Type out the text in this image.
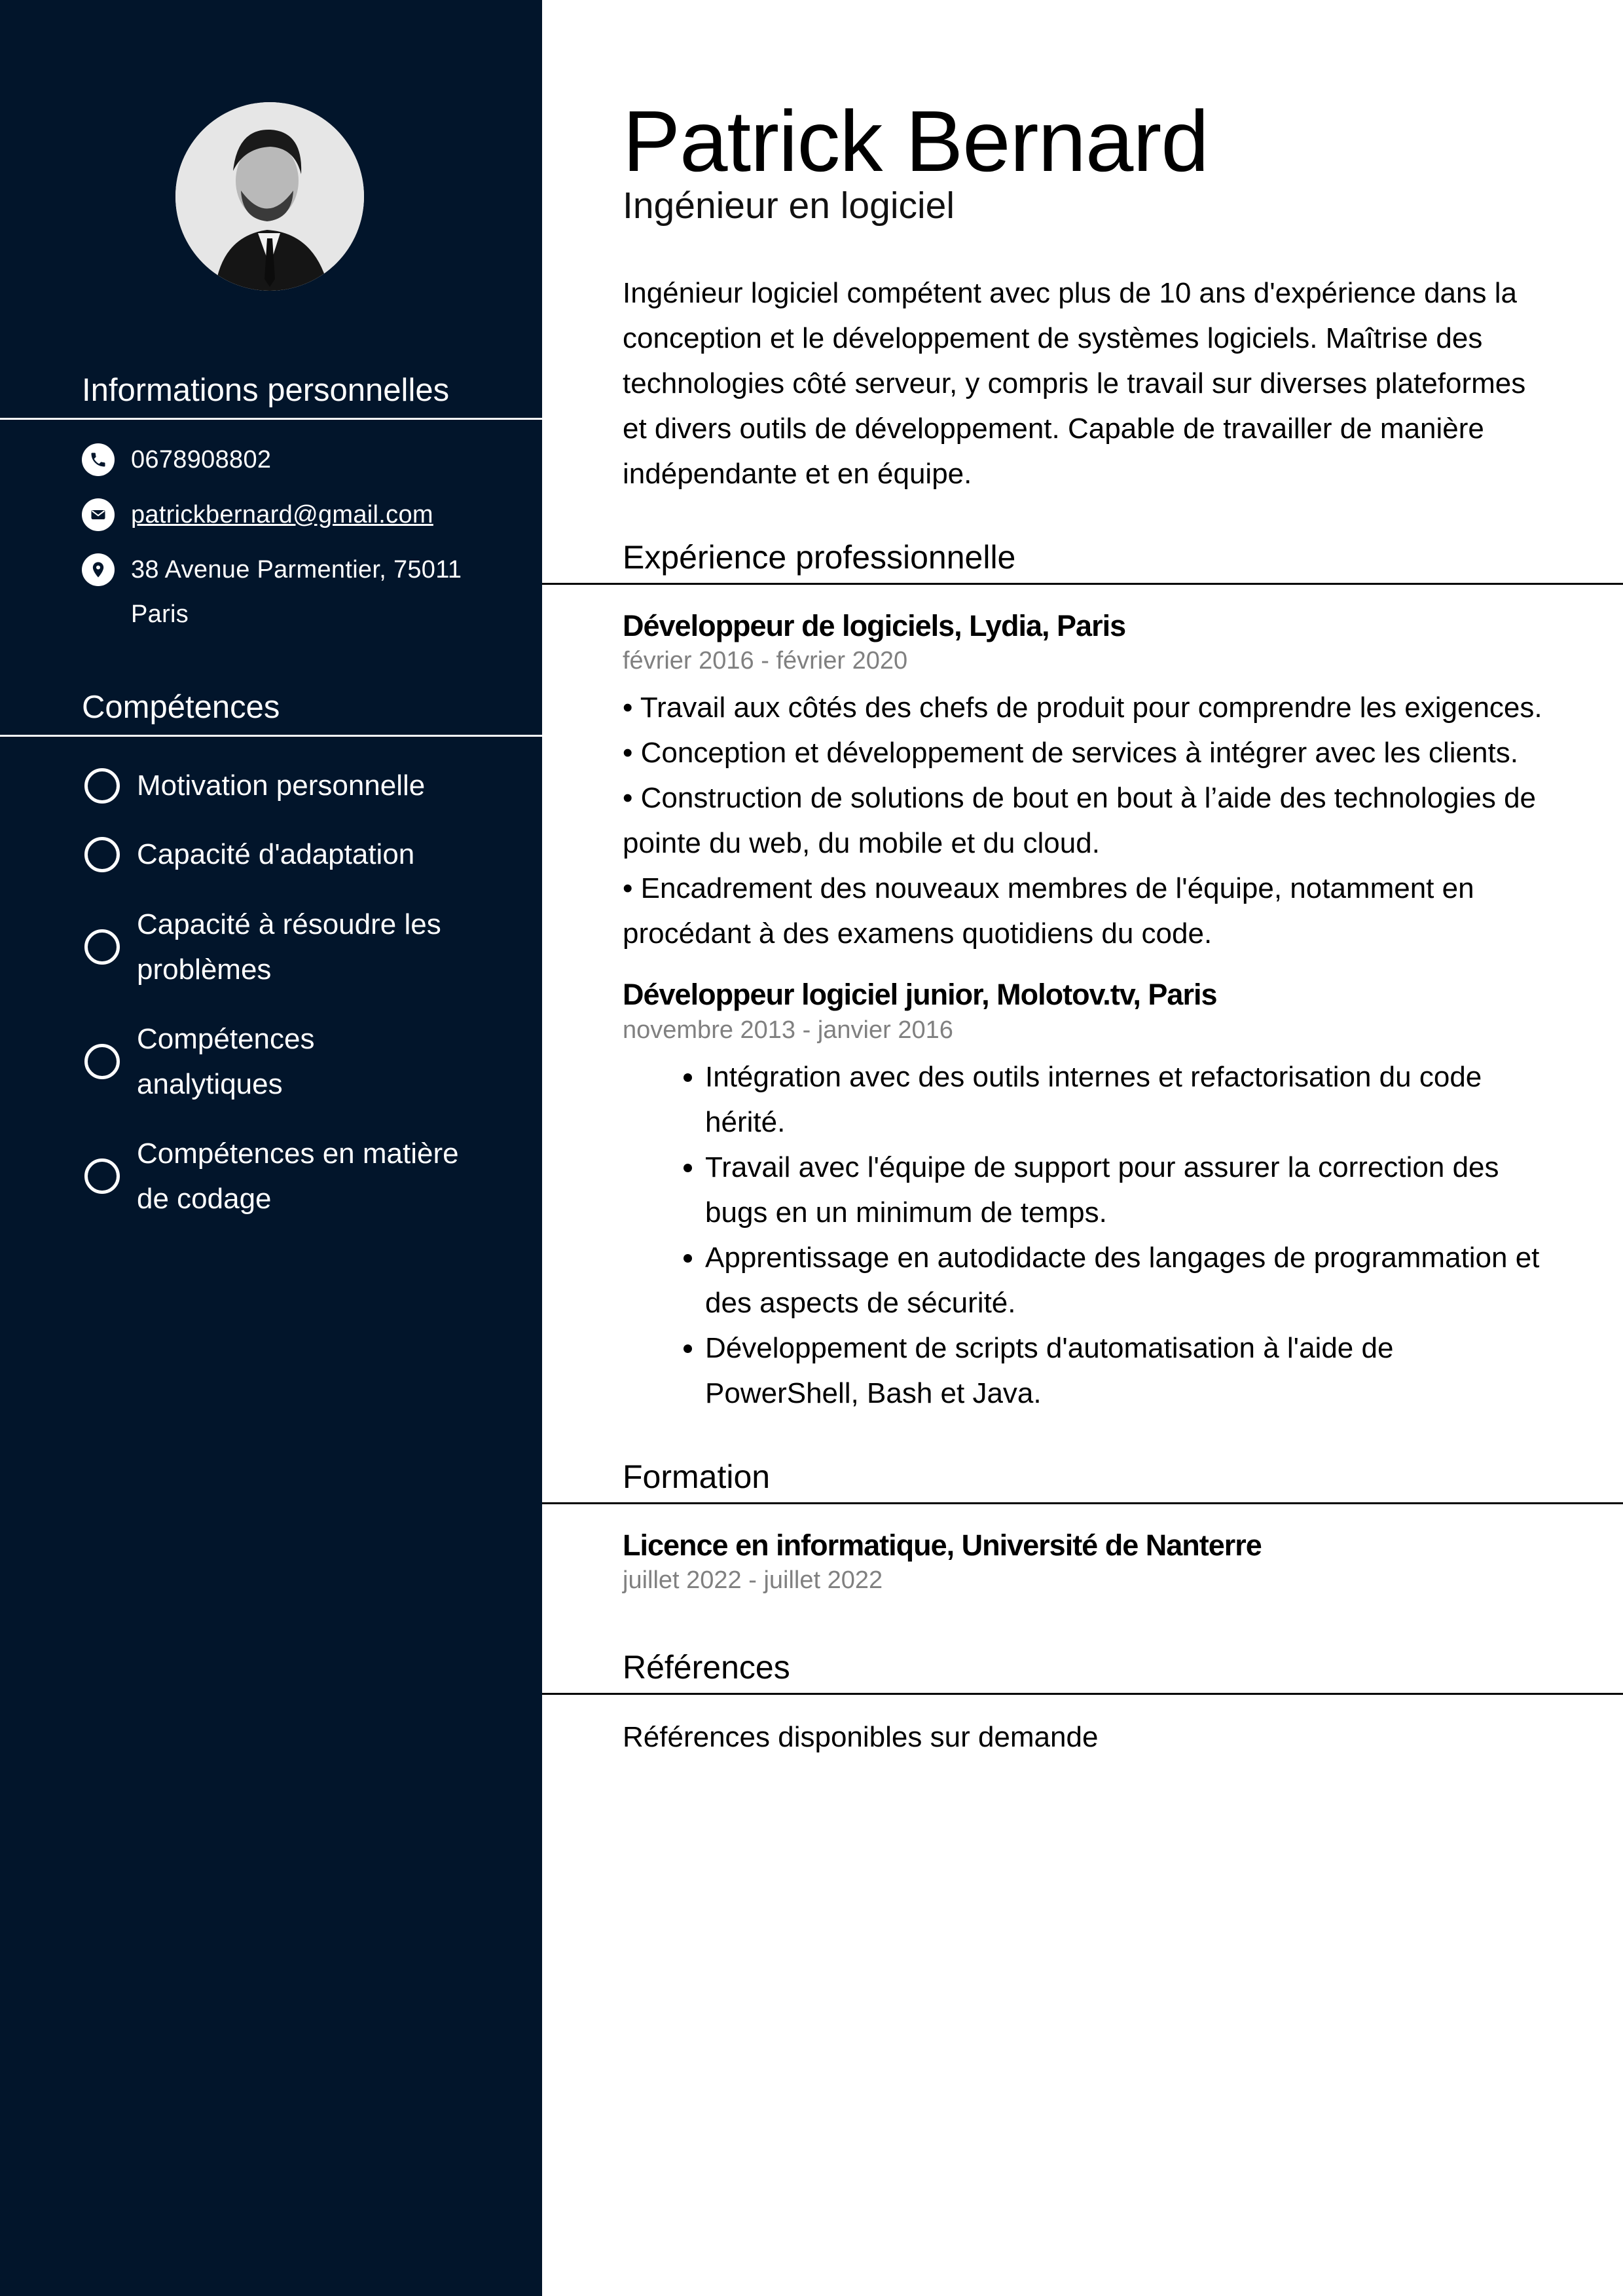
Informations personnelles
0678908802
patrickbernard@gmail.com
38 Avenue Parmentier, 75011 Paris
Compétences
Motivation personnelle
Capacité d'adaptation
Capacité à résoudre les problèmes
Compétences analytiques
Compétences en matière de codage
Patrick Bernard
Ingénieur en logiciel
Ingénieur logiciel compétent avec plus de 10 ans d'expérience dans la conception et le développement de systèmes logiciels. Maîtrise des technologies côté serveur, y compris le travail sur diverses plateformes et divers outils de développement. Capable de travailler de manière indépendante et en équipe.
Expérience professionnelle
Développeur de logiciels, Lydia, Paris
février 2016 - février 2020
• Travail aux côtés des chefs de produit pour comprendre les exigences.
• Conception et développement de services à intégrer avec les clients.
• Construction de solutions de bout en bout à l’aide des technologies de pointe du web, du mobile et du cloud.
• Encadrement des nouveaux membres de l'équipe, notamment en procédant à des examens quotidiens du code.
Développeur logiciel junior, Molotov.tv, Paris
novembre 2013 - janvier 2016
• Intégration avec des outils internes et refactorisation du code hérité.
• Travail avec l'équipe de support pour assurer la correction des bugs en un minimum de temps.
• Apprentissage en autodidacte des langages de programmation et des aspects de sécurité.
• Développement de scripts d'automatisation à l'aide de PowerShell, Bash et Java.
Formation
Licence en informatique, Université de Nanterre
juillet 2022 - juillet 2022
Références
Références disponibles sur demande
